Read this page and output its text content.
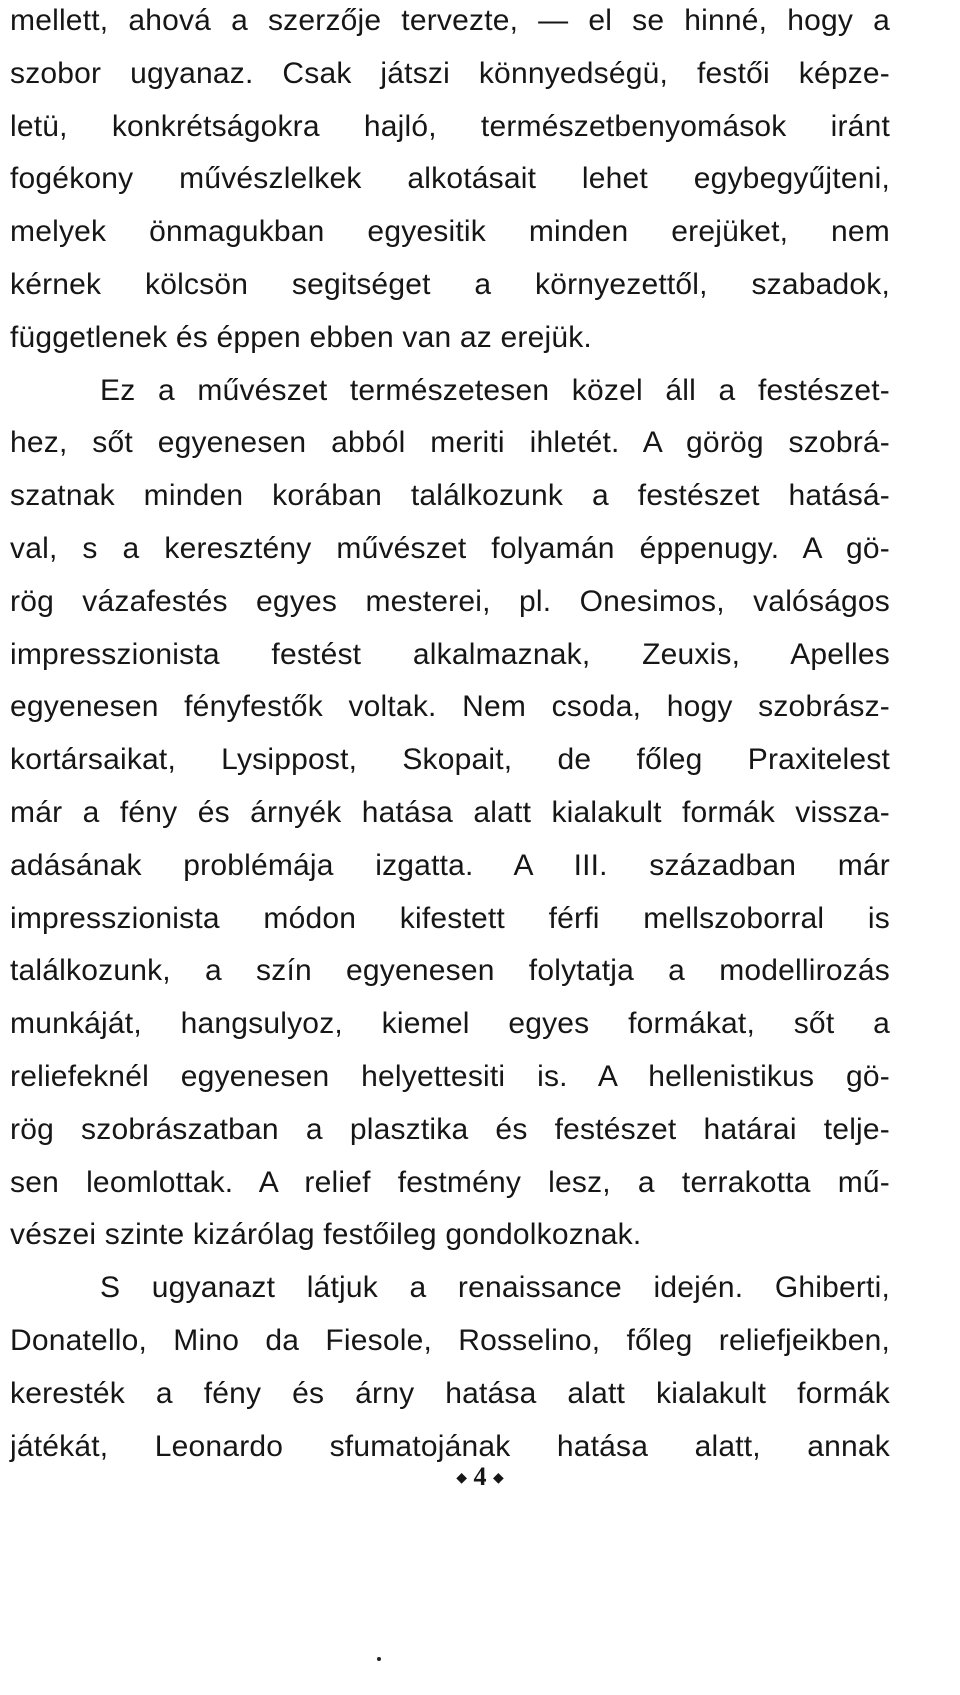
mellett, ahová a szerzője tervezte, — el se hinné, hogy a
szobor ugyanaz. Csak játszi könnyedségü, festői képze-
letü, konkrétságokra hajló, természetbenyomások iránt
fogékony művészlelkek alkotásait lehet egybegyűjteni,
melyek önmagukban egyesitik minden erejüket, nem
kérnek kölcsön segitséget a környezettől, szabadok,
függetlenek és éppen ebben van az erejük.
Ez a művészet természetesen közel áll a festészet-
hez, sőt egyenesen abból meriti ihletét. A görög szobrá-
szatnak minden korában találkozunk a festészet hatásá-
val, s a keresztény művészet folyamán éppenugy. A gö-
rög vázafestés egyes mesterei, pl. Onesimos, valóságos
impresszionista festést alkalmaznak, Zeuxis, Apelles
egyenesen fényfestők voltak. Nem csoda, hogy szobrász-
kortársaikat, Lysippost, Skopait, de főleg Praxitelest
már a fény és árnyék hatása alatt kialakult formák vissza-
adásának problémája izgatta. A III. században már
impresszionista módon kifestett férfi mellszoborral is
találkozunk, a szín egyenesen folytatja a modellirozás
munkáját, hangsulyoz, kiemel egyes formákat, sőt a
reliefeknél egyenesen helyettesiti is. A hellenistikus gö-
rög szobrászatban a plasztika és festészet határai telje-
sen leomlottak. A relief festmény lesz, a terrakotta mű-
vészei szinte kizárólag festőileg gondolkoznak.
S ugyanazt látjuk a renaissance idején. Ghiberti,
Donatello, Mino da Fiesole, Rosselino, főleg reliefjeikben,
keresték a fény és árny hatása alatt kialakult formák
játékát, Leonardo sfumatojának hatása alatt, annak
◆ 4 ◆
